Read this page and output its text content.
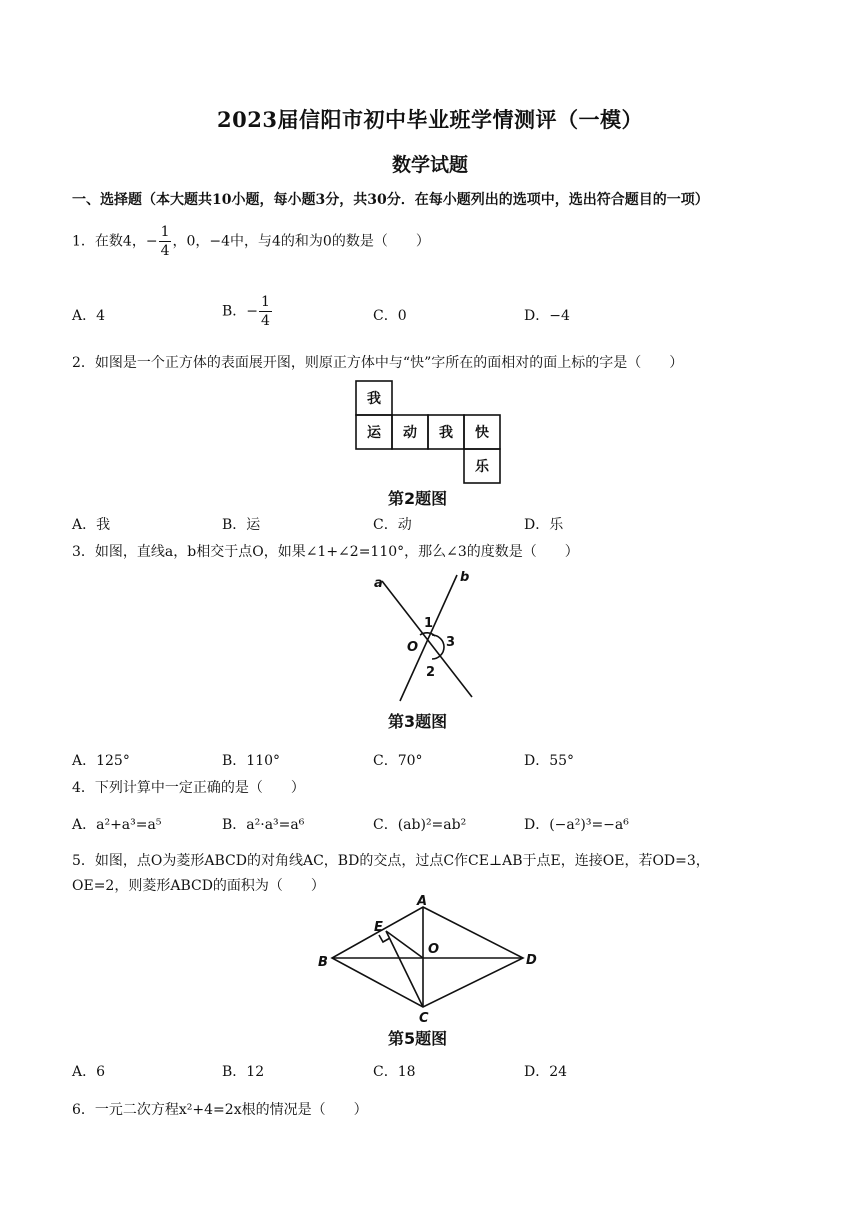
2023届信阳市初中毕业班学情测评（一模）
数学试题
一、选择题（本大题共10小题，每小题3分，共30分．在每小题列出的选项中，选出符合题目的一项）
1．在数4，− $\frac{1}{4}$ ，0，−4中，与4的和为0的数是（　　）
A．4	B．− $\frac{1}{4}$	C．0	D．−4
2．如图是一个正方体的表面展开图，则原正方体中与“快”字所在的面相对的面上标的字是（　　）
我
运 动 我 快
乐
第2题图
A．我	B．运	C．动	D．乐
3．如图，直线a，b相交于点O，如果∠1+∠2=110°，那么∠3的度数是（　　）
a	b
O
1
2
3
第3题图
A．125°	B．110°	C．70°	D．55°
4．下列计算中一定正确的是（　　）
A．a²+a³=a⁵	B．a²·a³=a⁶	C．(ab)²=ab²	D．(−a²)³=−a⁶
5．如图，点O为菱形ABCD的对角线AC，BD的交点，过点C作CE⊥AB于点E，连接OE，若OD=3，
OE=2，则菱形ABCD的面积为（　　）
A
B
C
D
E
O
第5题图
A．6	B．12	C．18	D．24
6．一元二次方程x²+4=2x根的情况是（　　）
